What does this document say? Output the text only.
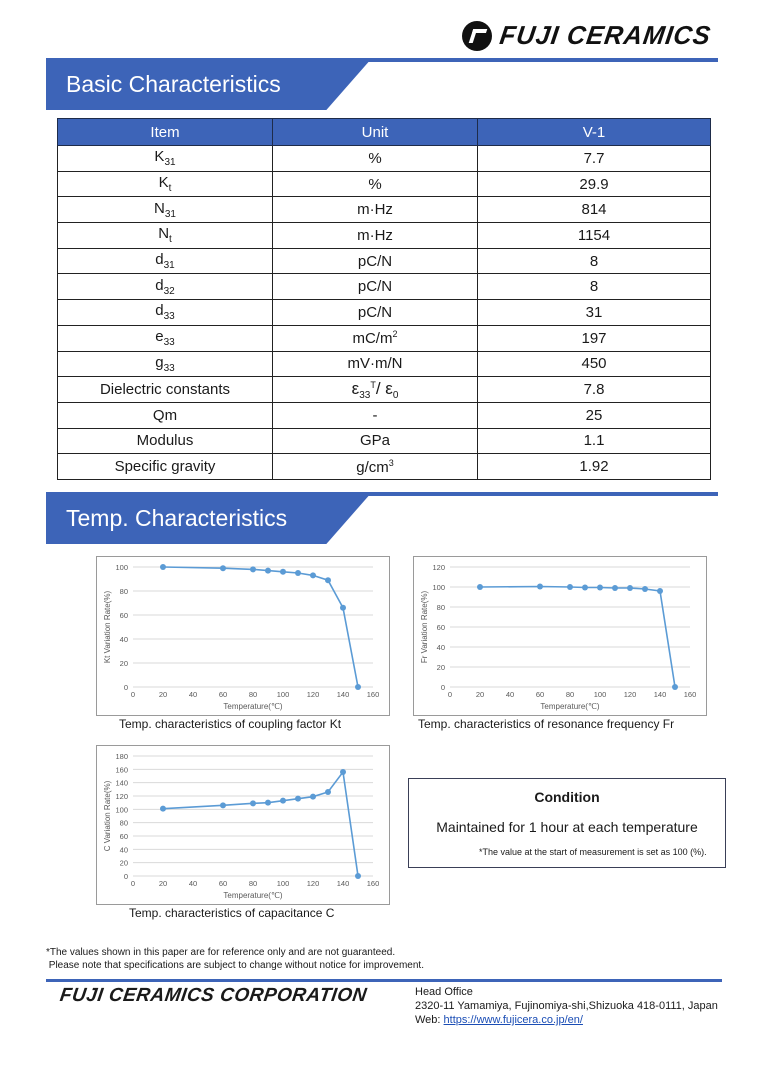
FUJI CERAMICS
Basic Characteristics
Item	Unit	V-1
$K_{31}$	%	7.7
$K_t$	%	29.9
$N_{31}$	m·Hz	814
$N_t$	m·Hz	1154
$d_{31}$	pC/N	8
$d_{32}$	pC/N	8
$d_{33}$	pC/N	31
$e_{33}$	$mC/m^2$	197
$g_{33}$	mV·m/N	450
Dielectric constants	$\varepsilon_{33}^T/$ $\varepsilon_0$	7.8
Qm	-	25
Modulus	GPa	1.1
Specific gravity	$g/cm^3$	1.92
Temp. Characteristics
0
20
40
60
80
100
0	20	40	60	80	100 120 140 160
Temperature(℃)
Kt Variation Rate(%)
Temp. characteristics of coupling factor Kt
0
20
40
60
80
100
120
0	20	40	60	80	100 120 140 160
Temperature(℃)
Fr Variation Rate(%)
Temp. characteristics of resonance frequency Fr
0
20
40
60
80
100
120
140
160
180
0	20	40	60	80	100 120 140 160
Temperature(℃)
C Variation Rate(%)
Temp. characteristics of capacitance C
Condition
Maintained for 1 hour at each temperature
*The value at the start of measurement is set as 100 (%).
*The values shown in this paper are for reference only and are not guaranteed.
Please note that specifications are subject to change without notice for improvement.
FUJI CERAMICS CORPORATION	Head Office
2320-11 Yamamiya, Fujinomiya-shi,Shizuoka 418-0111, Japan
Web: https://www.fujicera.co.jp/en/
